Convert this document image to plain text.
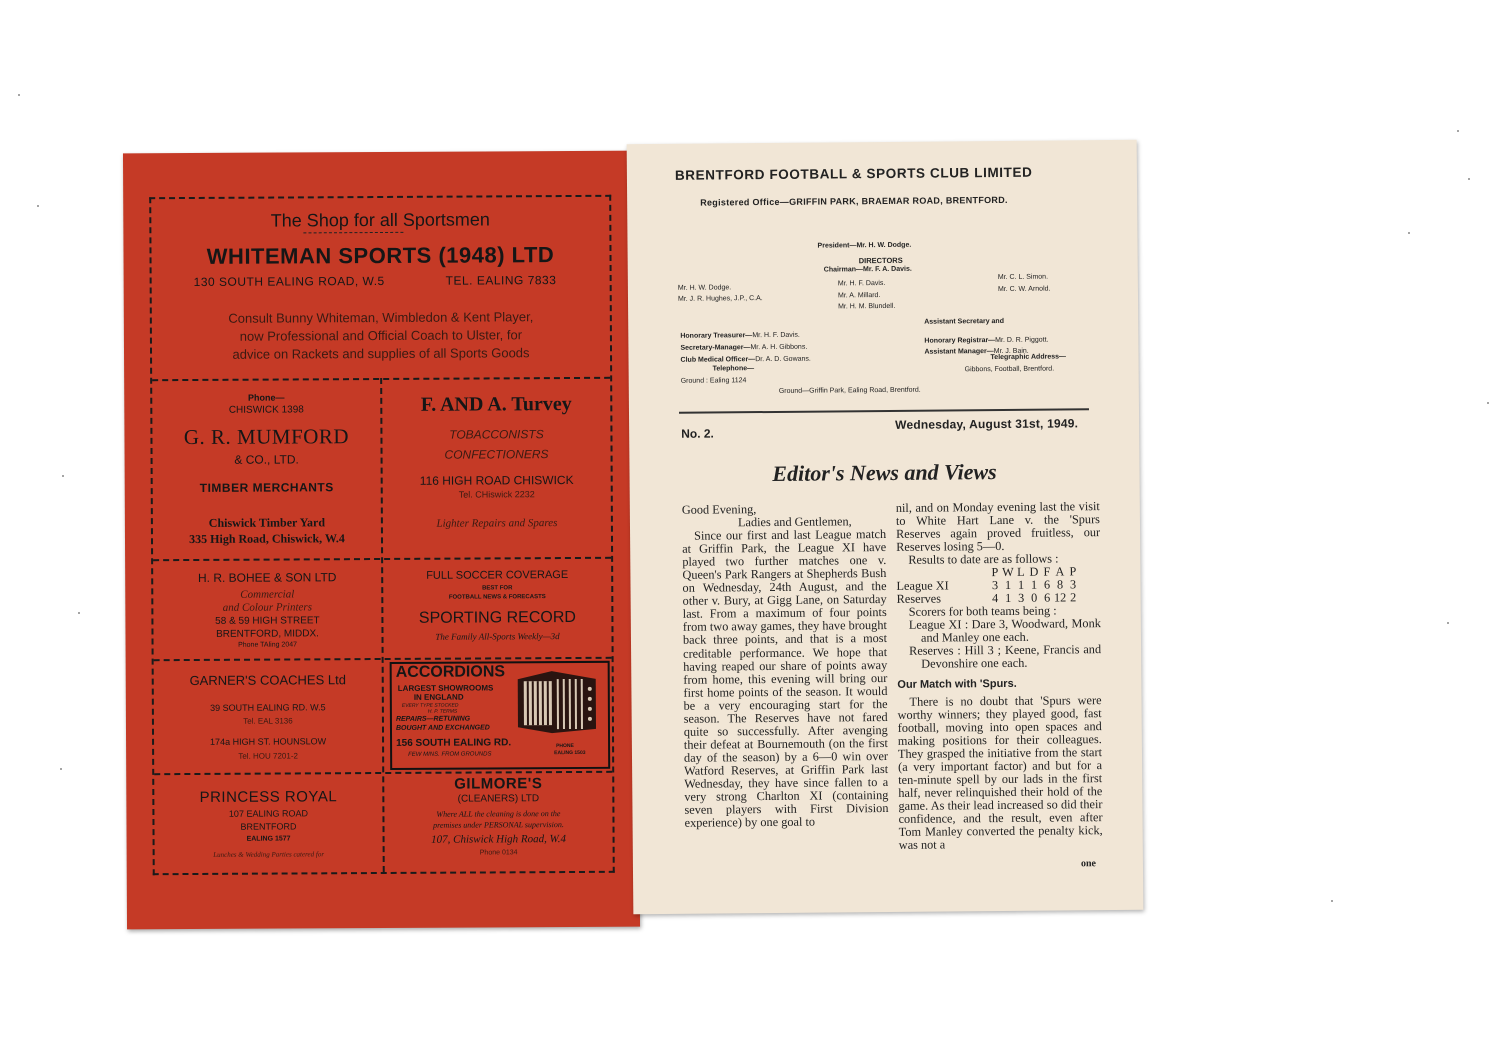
The Shop for all Sportsmen
WHITEMAN SPORTS (1948) LTD
130 SOUTH EALING ROAD, W.5	TEL. EALING 7833
Consult Bunny Whiteman, Wimbledon & Kent Player,
now Professional and Official Coach to Ulster, for
advice on Rackets and supplies of all Sports Goods
Phone—
CHISWICK 1398
G. R. MUMFORD
& CO., LTD.
TIMBER MERCHANTS
Chiswick Timber Yard
335 High Road, Chiswick, W.4
F. AND A. Turvey
TOBACCONISTS
CONFECTIONERS
116 HIGH ROAD CHISWICK
Tel. CHiswick 2232
Lighter Repairs and Spares
H. R. BOHEE & SON LTD
Commercial
and Colour Printers
58 & 59 HIGH STREET
BRENTFORD, MIDDX.
Phone TAling 2047
FULL SOCCER COVERAGE
BEST FOR
FOOTBALL NEWS & FORECASTS
SPORTING RECORD
The Family All-Sports Weekly—3d
GARNER'S COACHES Ltd
39 SOUTH EALING RD. W.5
Tel. EAL 3136
174a HIGH ST. HOUNSLOW
Tel. HOU 7201-2
ACCORDIONS
LARGEST SHOWROOMS
IN ENGLAND
EVERY TYPE STOCKED
H. P. TERMS
REPAIRS—RETUNING
BOUGHT AND EXCHANGED
156 SOUTH EALING RD.
FEW MINS. FROM GROUNDS
PHONE
EALING 1503
PRINCESS ROYAL
107 EALING ROAD
BRENTFORD
EALING 1577
Lunches & Wedding Parties catered for
GILMORE'S
(CLEANERS) LTD
Where ALL the cleaning is done on the
premises under PERSONAL supervision.
107, Chiswick High Road, W.4
Phone 0134
BRENTFORD FOOTBALL & SPORTS CLUB LIMITED
Registered Office—GRIFFIN PARK, BRAEMAR ROAD, BRENTFORD.
President—Mr. H. W. Dodge.
DIRECTORS
Chairman—Mr. F. A. Davis.
Mr. H. W. Dodge.
Mr. J. R. Hughes, J.P., C.A.
Mr. H. F. Davis.
Mr. A. Millard.
Mr. H. M. Blundell.
Mr. C. L. Simon.
Mr. C. W. Arnold.
Honorary Treasurer—Mr. H. F. Davis.
Secretary-Manager—Mr. A. H. Gibbons.
Club Medical Officer—Dr. A. D. Gowans.
Assistant Secretary and
Honorary Registrar—Mr. D. R. Piggott.
Assistant Manager—Mr. J. Bain.
Telephone—
Ground : Ealing 1124
Telegraphic Address—
Gibbons, Football, Brentford.
Ground—Griffin Park, Ealing Road, Brentford.
No. 2.
Wednesday, August 31st, 1949.
Editor's News and Views

Good Evening,

Ladies and Gentlemen,

Since our first and last League match at Griffin Park, the League XI have played two further matches one v. Queen's Park Rangers at Shepherds Bush on Wednesday, 24th August, and the other v. Bury, at Gigg Lane, on Saturday last. From a maximum of four points from two away games, they have brought back three points, and that is a most creditable performance. We hope that having reaped our share of points away from home, this evening will bring our first home points of the season. It would be a very encouraging start for the season. The Reserves have not fared quite so successfully. After avenging their defeat at Bournemouth (on the first day of the season) by a 6—0 win over Watford Reserves, at Griffin Park last Wednesday, they have since fallen to a very strong Charlton XI (containing seven players with First Division experience) by one goal to

nil, and on Monday evening last the visit to White Hart Lane v. the 'Spurs Reserves again proved fruitless, our Reserves losing 5—0.

Results to date are as follows :

	P	W	L	D	F	A	P
League XI	3	1	1	1	6	8	3
Reserves	4	1	3	0	6	12	2

Scorers for both teams being :

League XI : Dare 3, Woodward, Monk and Manley one each.

Reserves : Hill 3 ; Keene, Francis and Devonshire one each.

Our Match with 'Spurs.

There is no doubt that 'Spurs were worthy winners; they played good, fast football, moving into open spaces and making positions for their colleagues. They grasped the initiative from the start (a very important factor) and but for a ten-minute spell by our lads in the first half, never relinquished their hold of the game. As their lead increased so did their confidence, and the result, even after Tom Manley converted the penalty kick, was not a

one
